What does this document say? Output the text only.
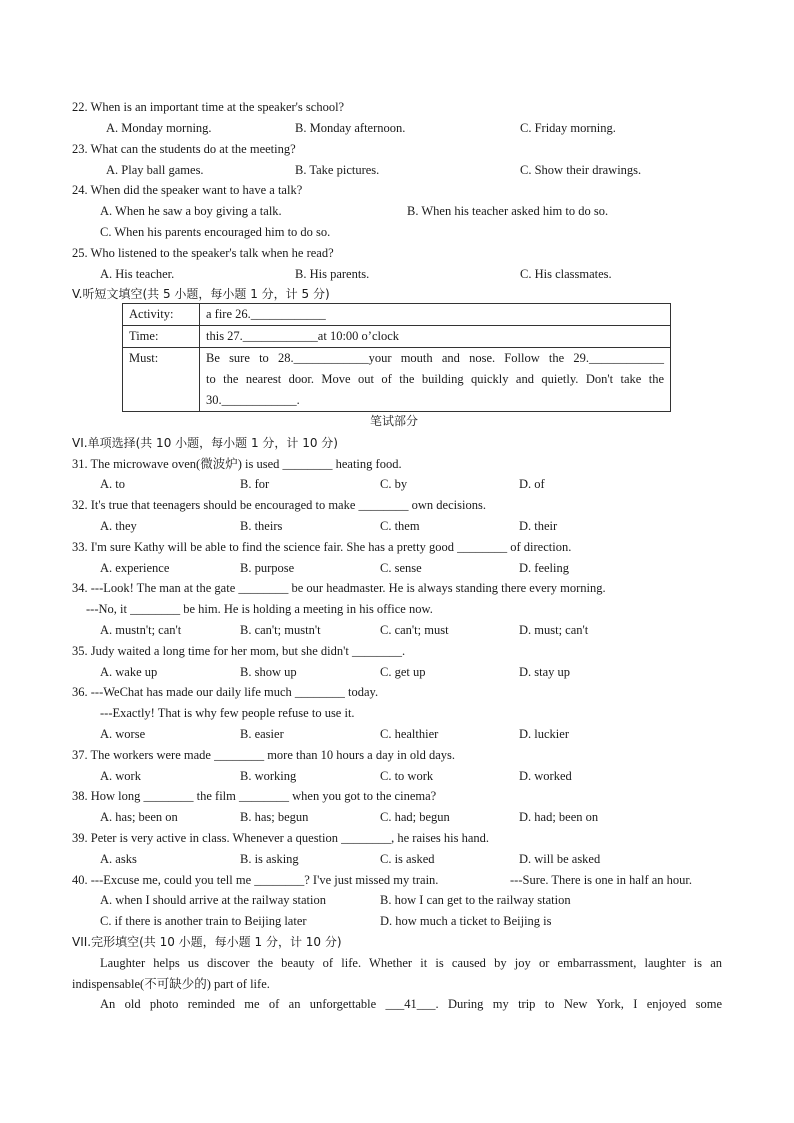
22. When is an important time at the speaker's school?
A. Monday morning.	B. Monday afternoon.	C. Friday morning.
23. What can the students do at the meeting?
A. Play ball games.	B. Take pictures.	C. Show their drawings.
24. When did the speaker want to have a talk?
A. When he saw a boy giving a talk.	B. When his teacher asked him to do so.
C. When his parents encouraged him to do so.
25. Who listened to the speaker's talk when he read?
A. His teacher.	B. His parents.	C. His classmates.
V.听短文填空(共 5 小题，每小题 1 分，计 5 分)
Activity:	a fire 26.____________
Time:	this 27.____________at 10:00 o’clock
Must:	Be sure to 28.____________your mouth and nose. Follow the 29.____________
to the nearest door. Move out of the building quickly and quietly. Don't take the
30.____________.
笔试部分
VI.单项选择(共 10 小题，每小题 1 分，计 10 分)
31. The microwave oven(微波炉) is used ________ heating food.
A. to	B. for	C. by	D. of
32. It's true that teenagers should be encouraged to make ________ own decisions.
A. they	B. theirs	C. them	D. their
33. I'm sure Kathy will be able to find the science fair. She has a pretty good ________ of direction.
A. experience	B. purpose	C. sense	D. feeling
34. ---Look! The man at the gate ________ be our headmaster. He is always standing there every morning.
---No, it ________ be him. He is holding a meeting in his office now.
A. mustn't; can't	B. can't; mustn't	C. can't; must	D. must; can't
35. Judy waited a long time for her mom, but she didn't ________.
A. wake up	B. show up	C. get up	D. stay up
36. ---WeChat has made our daily life much ________ today.
---Exactly! That is why few people refuse to use it.
A. worse	B. easier	C. healthier	D. luckier
37. The workers were made ________ more than 10 hours a day in old days.
A. work	B. working	C. to work	D. worked
38. How long ________ the film ________ when you got to the cinema?
A. has; been on	B. has; begun	C. had; begun	D. had; been on
39. Peter is very active in class. Whenever a question ________, he raises his hand.
A. asks	B. is asking	C. is asked	D. will be asked
40. ---Excuse me, could you tell me ________? I've just missed my train.	---Sure. There is one in half an hour.
A. when I should arrive at the railway station	B. how I can get to the railway station
C. if there is another train to Beijing later	D. how much a ticket to Beijing is
VII.完形填空(共 10 小题，每小题 1 分，计 10 分)
Laughter helps us discover the beauty of life. Whether it is caused by joy or embarrassment, laughter is an
indispensable(不可缺少的) part of life.
An old photo reminded me of an unforgettable ___41___. During my trip to New York, I enjoyed some
